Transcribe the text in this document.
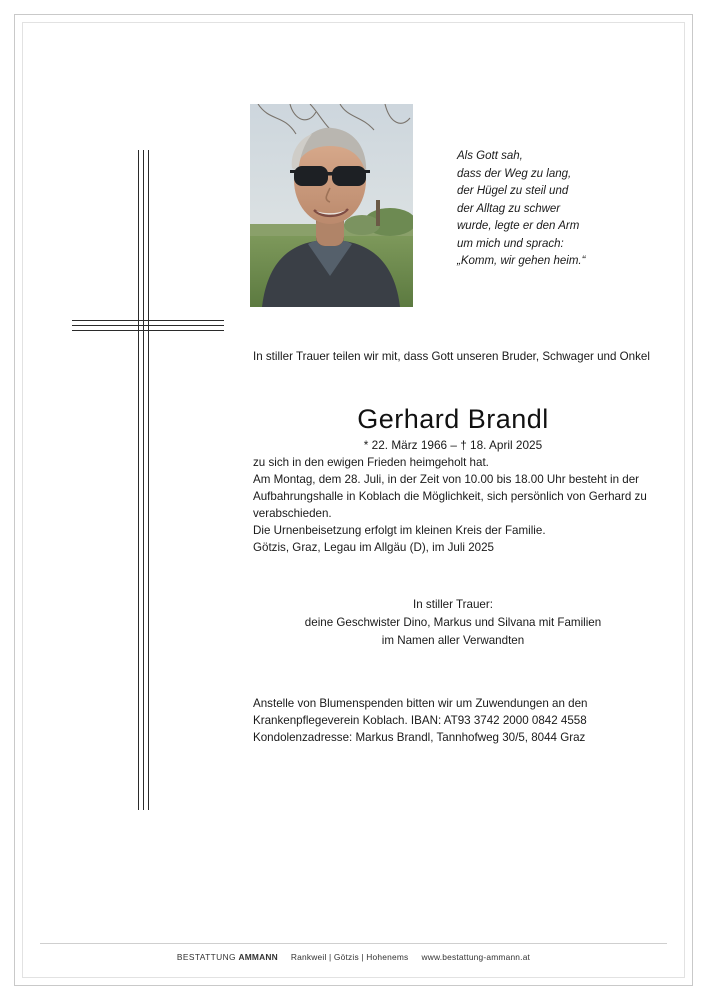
Als Gott sah,
dass der Weg zu lang,
der Hügel zu steil und
der Alltag zu schwer
wurde, legte er den Arm
um mich und sprach:
„Komm, wir gehen heim.“

In stiller Trauer teilen wir mit, dass Gott unseren Bruder, Schwager und Onkel

Gerhard Brandl
* 22. März 1966 – † 18. April 2025

zu sich in den ewigen Frieden heimgeholt hat.

Am Montag, dem 28. Juli, in der Zeit von 10.00 bis 18.00 Uhr besteht in der Aufbahrungshalle in Koblach die Möglichkeit, sich persönlich von Gerhard zu verabschieden.

Die Urnenbeisetzung erfolgt im kleinen Kreis der Familie.

Götzis, Graz, Legau im Allgäu (D), im Juli 2025

In stiller Trauer:
deine Geschwister Dino, Markus und Silvana mit Familien
im Namen aller Verwandten
Anstelle von Blumenspenden bitten wir um Zuwendungen an den
Krankenpflegeverein Koblach. IBAN: AT93 3742 2000 0842 4558

Kondolenzadresse: Markus Brandl, Tannhofweg 30/5, 8044 Graz

BESTATTUNG AMMANN Rankweil | Götzis | Hohenems www.bestattung-ammann.at
